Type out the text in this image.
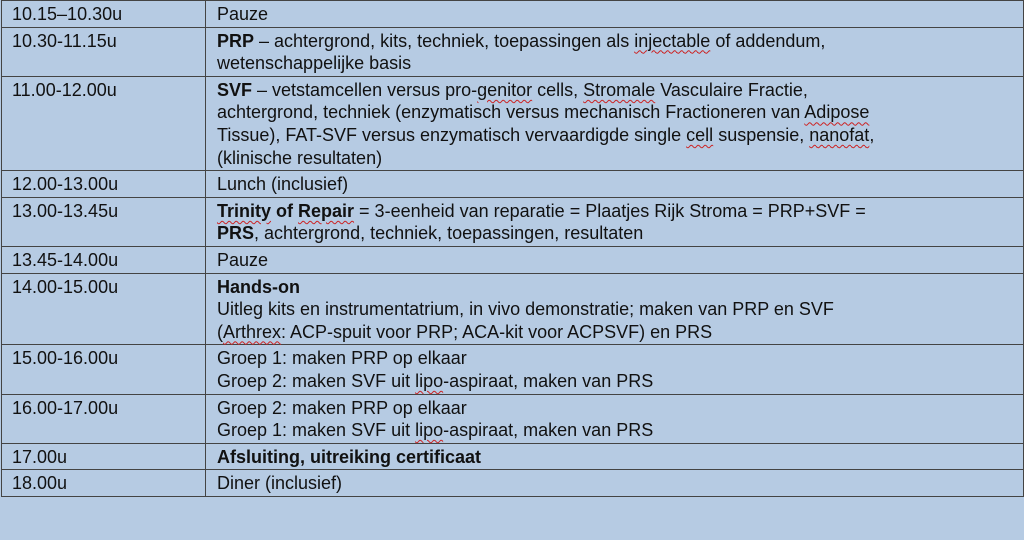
10.15–10.30u	Pauze
10.30-11.15u	PRP – achtergrond, kits, techniek, toepassingen als injectable of addendum,
wetenschappelijke basis

11.00-12.00u	SVF – vetstamcellen versus pro-genitor cells, Stromale Vasculaire Fractie,
achtergrond, techniek (enzymatisch versus mechanisch Fractioneren van Adipose
Tissue), FAT-SVF versus enzymatisch vervaardigde single cell suspensie, nanofat,
(klinische resultaten)

12.00-13.00u	Lunch (inclusief)
13.00-13.45u	Trinity of Repair = 3-eenheid van reparatie = Plaatjes Rijk Stroma = PRP+SVF =
PRS, achtergrond, techniek, toepassingen, resultaten

13.45-14.00u	Pauze
14.00-15.00u	Hands-on
Uitleg kits en instrumentatrium, in vivo demonstratie; maken van PRP en SVF
(Arthrex: ACP-spuit voor PRP; ACA-kit voor ACPSVF) en PRS

15.00-16.00u	Groep 1: maken PRP op elkaar
Groep 2: maken SVF uit lipo-aspiraat, maken van PRS

16.00-17.00u	Groep 2: maken PRP op elkaar
Groep 1: maken SVF uit lipo-aspiraat, maken van PRS

17.00u	Afsluiting, uitreiking certificaat
18.00u	Diner (inclusief)
